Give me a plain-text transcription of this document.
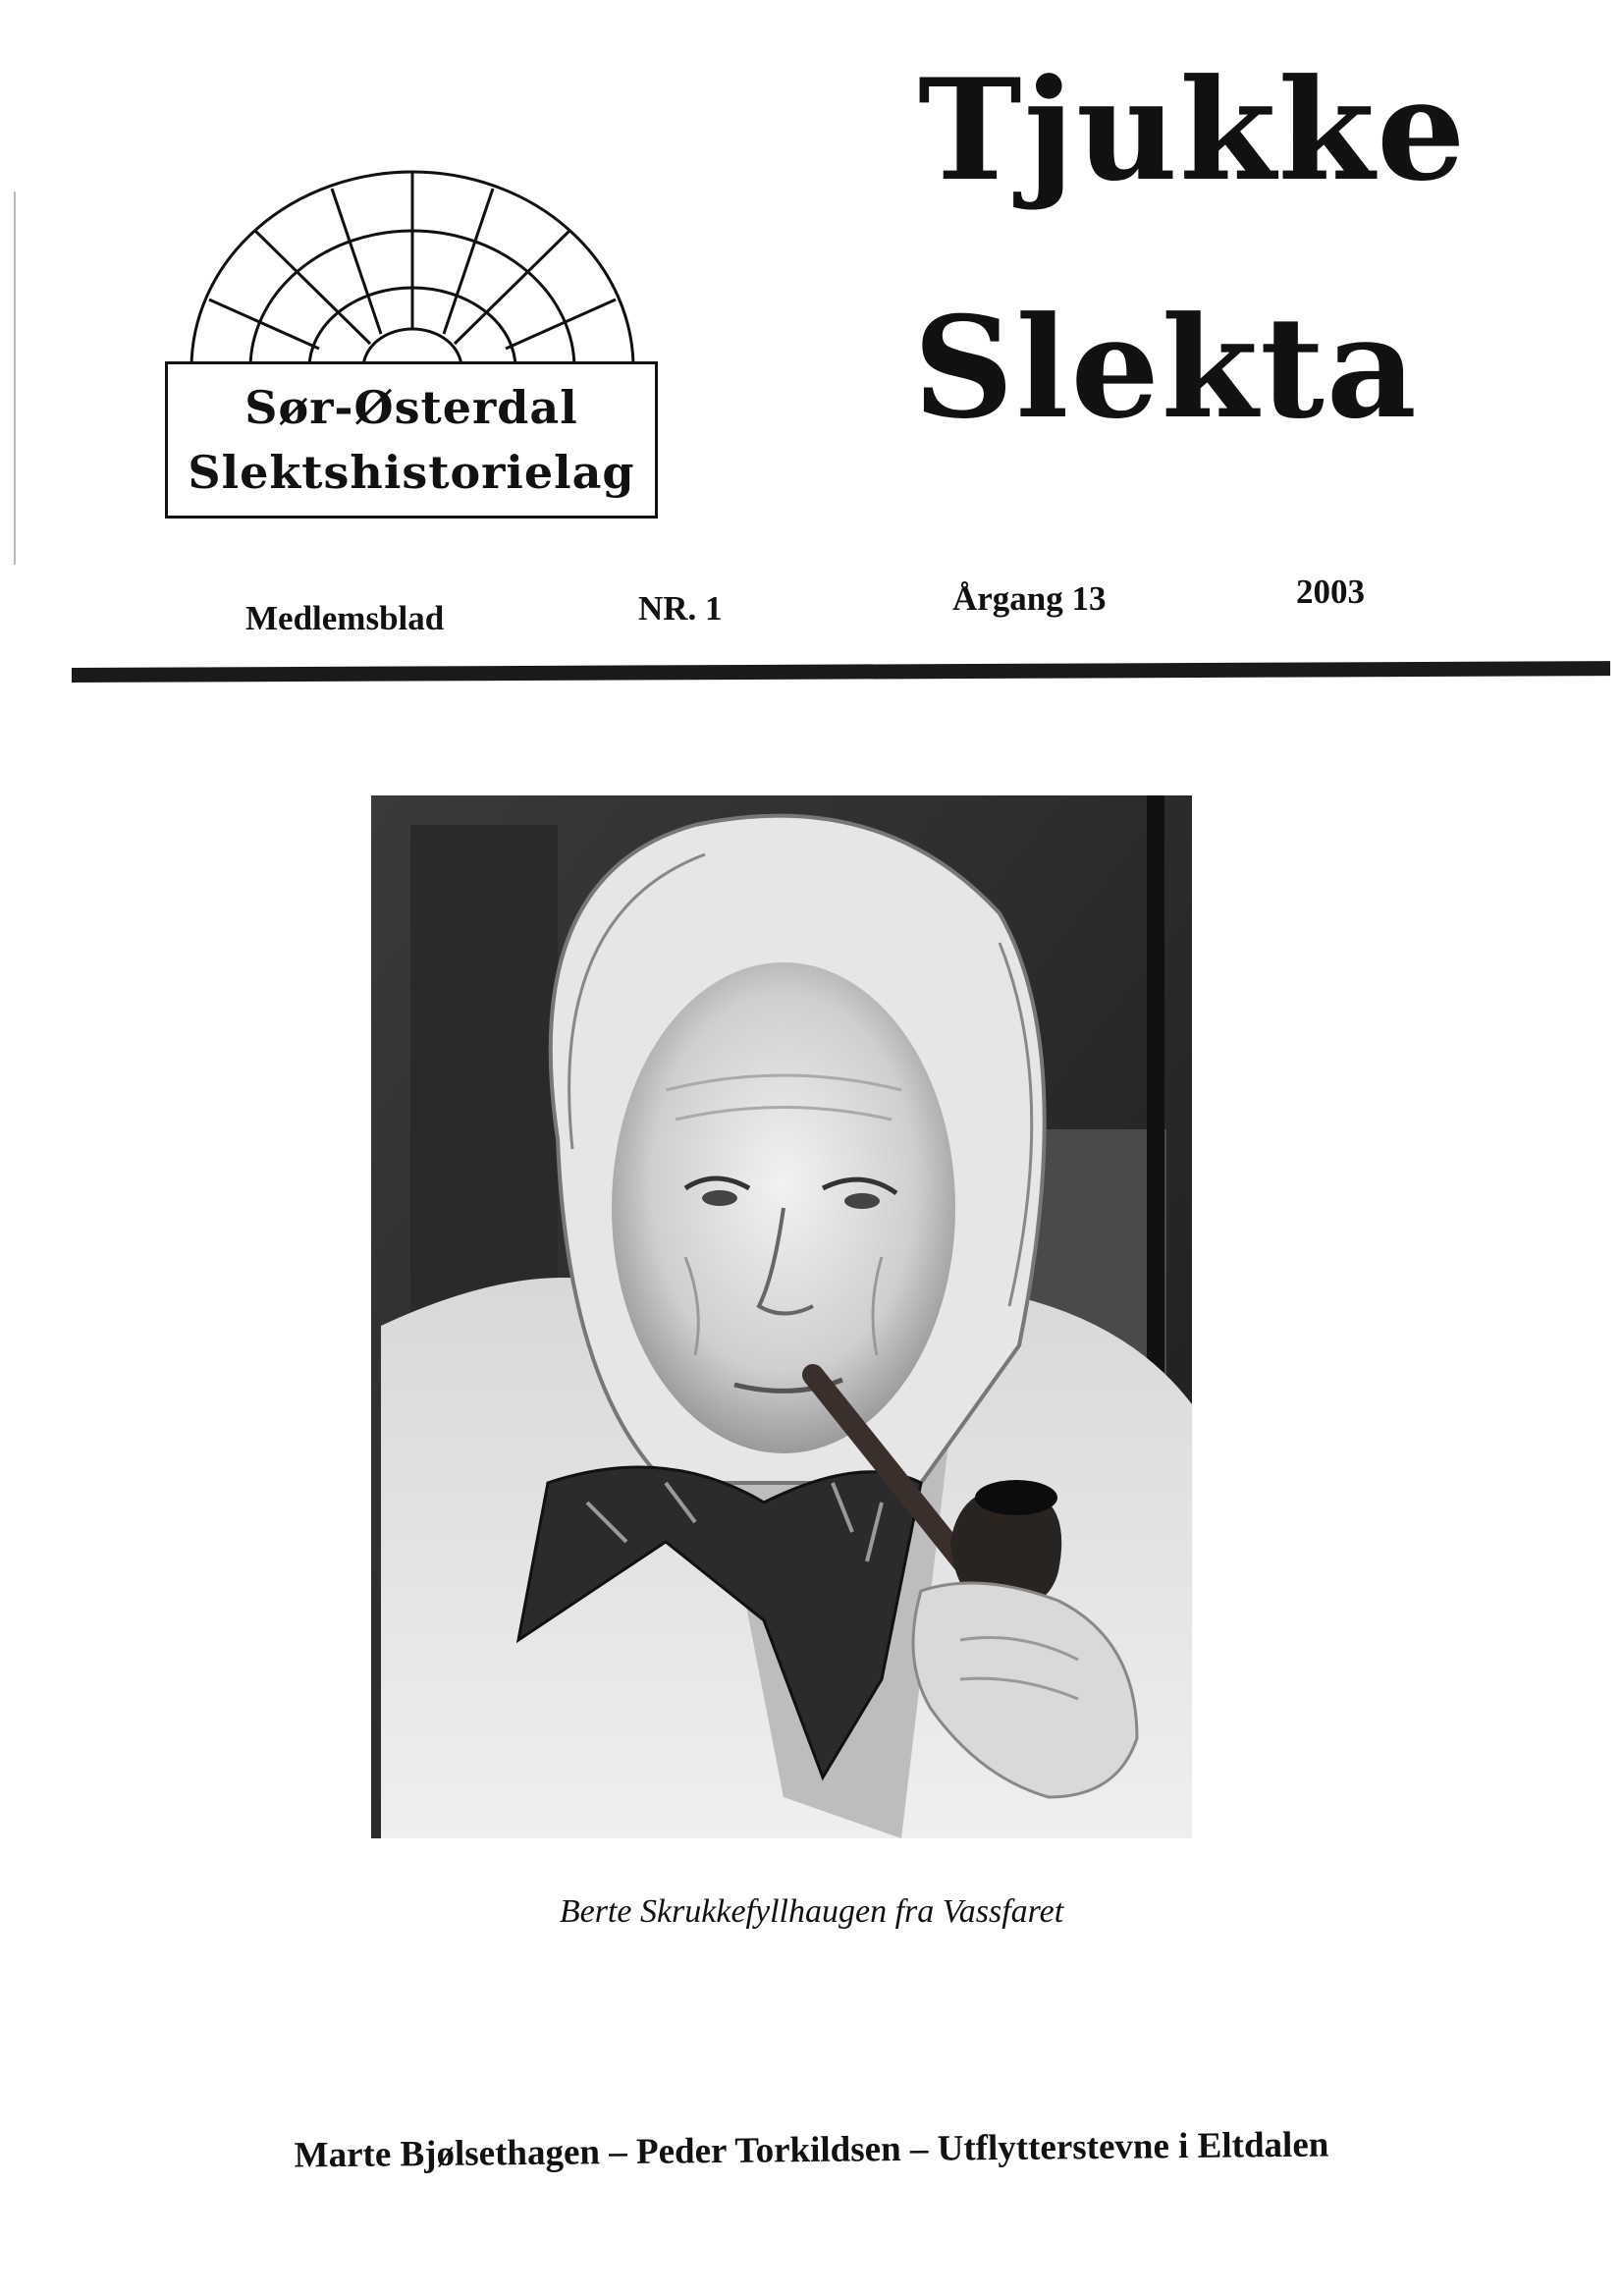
Sør-Østerdal
Slektshistorielag
Tjukke
Slekta
Medlemsblad	NR. 1	Årgang 13	2003
Berte Skrukkefyllhaugen fra Vassfaret
Marte Bjølsethagen – Peder Torkildsen – Utflytterstevne i Eltdalen
